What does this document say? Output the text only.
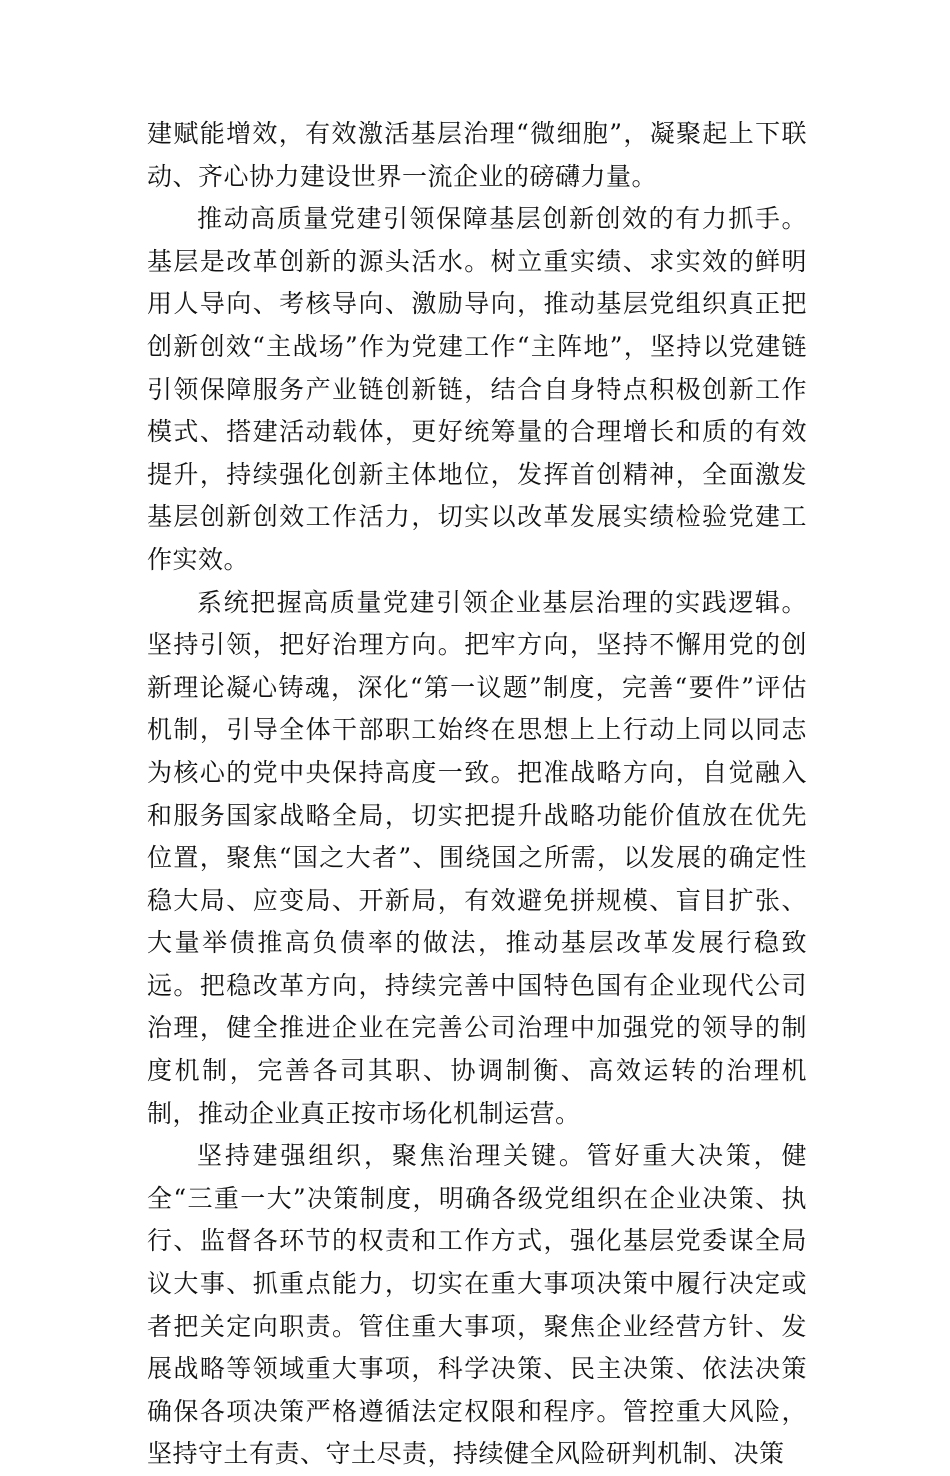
建赋能增效，有效激活基层治理“微细胞”，凝聚起上下联动、齐心协力建设世界一流企业的磅礴力量。

推动高质量党建引领保障基层创新创效的有力抓手。基层是改革创新的源头活水。树立重实绩、求实效的鲜明用人导向、考核导向、激励导向，推动基层党组织真正把创新创效“主战场”作为党建工作“主阵地”，坚持以党建链引领保障服务产业链创新链，结合自身特点积极创新工作模式、搭建活动载体，更好统筹量的合理增长和质的有效提升，持续强化创新主体地位，发挥首创精神，全面激发基层创新创效工作活力，切实以改革发展实绩检验党建工作实效。

系统把握高质量党建引领企业基层治理的实践逻辑。坚持引领，把好治理方向。把牢方向，坚持不懈用党的创新理论凝心铸魂，深化“第一议题”制度，完善“要件”评估机制，引导全体干部职工始终在思想上上行动上同以同志为核心的党中央保持高度一致。把准战略方向，自觉融入和服务国家战略全局，切实把提升战略功能价值放在优先位置，聚焦“国之大者”、围绕国之所需，以发展的确定性稳大局、应变局、开新局，有效避免拼规模、盲目扩张、大量举债推高负债率的做法，推动基层改革发展行稳致远。把稳改革方向，持续完善中国特色国有企业现代公司治理，健全推进企业在完善公司治理中加强党的领导的制度机制，完善各司其职、协调制衡、高效运转的治理机制，推动企业真正按市场化机制运营。

坚持建强组织，聚焦治理关键。管好重大决策，健全“三重一大”决策制度，明确各级党组织在企业决策、执行、监督各环节的权责和工作方式，强化基层党委谋全局议大事、抓重点能力，切实在重大事项决策中履行决定或者把关定向职责。管住重大事项，聚焦企业经营方针、发展战略等领域重大事项，科学决策、民主决策、依法决策确保各项决策严格遵循法定权限和程序。管控重大风险，坚持守土有责、守土尽责，持续健全风险研判机制、决策
